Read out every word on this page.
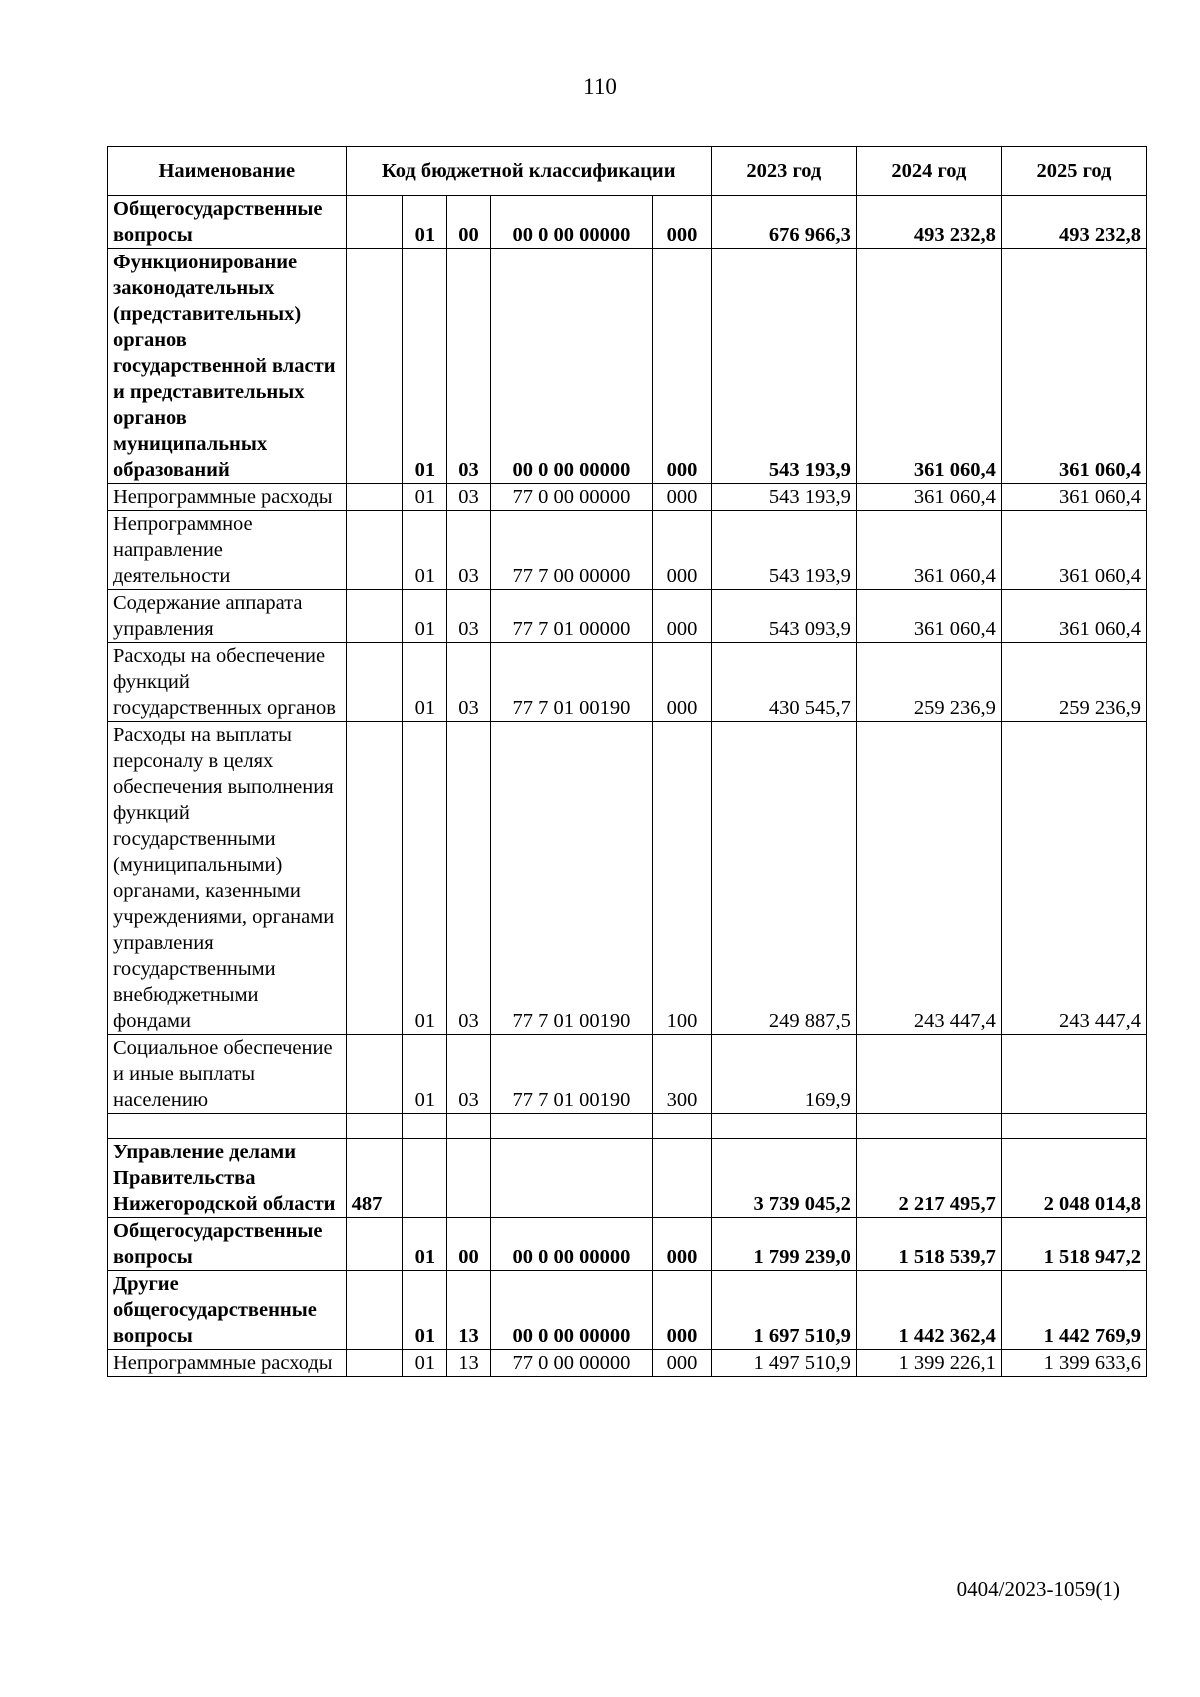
110
Наименование	Код бюджетной классификации					2023 год	2024 год	2025 год
Общегосударственные вопросы		01	00	00 0 00 00000	000	676 966,3	493 232,8	493 232,8
Функционирование законодательных (представительных) органов государственной власти и представительных органов муниципальных образований		01	03	00 0 00 00000	000	543 193,9	361 060,4	361 060,4
Непрограммные расходы		01	03	77 0 00 00000	000	543 193,9	361 060,4	361 060,4
Непрограммное направление деятельности		01	03	77 7 00 00000	000	543 193,9	361 060,4	361 060,4
Содержание аппарата управления		01	03	77 7 01 00000	000	543 093,9	361 060,4	361 060,4
Расходы на обеспечение функций государственных органов		01	03	77 7 01 00190	000	430 545,7	259 236,9	259 236,9
Расходы на выплаты персоналу в целях обеспечения выполнения функций государственными (муниципальными) органами, казенными учреждениями, органами управления государственными внебюджетными фондами		01	03	77 7 01 00190	100	249 887,5	243 447,4	243 447,4
Социальное обеспечение и иные выплаты населению		01	03	77 7 01 00190	300	169,9		

Управление делами Правительства Нижегородской области	487					3 739 045,2	2 217 495,7	2 048 014,8
Общегосударственные вопросы		01	00	00 0 00 00000	000	1 799 239,0	1 518 539,7	1 518 947,2
Другие общегосударственные вопросы		01	13	00 0 00 00000	000	1 697 510,9	1 442 362,4	1 442 769,9
Непрограммные расходы		01	13	77 0 00 00000	000	1 497 510,9	1 399 226,1	1 399 633,6
0404/2023-1059(1)
